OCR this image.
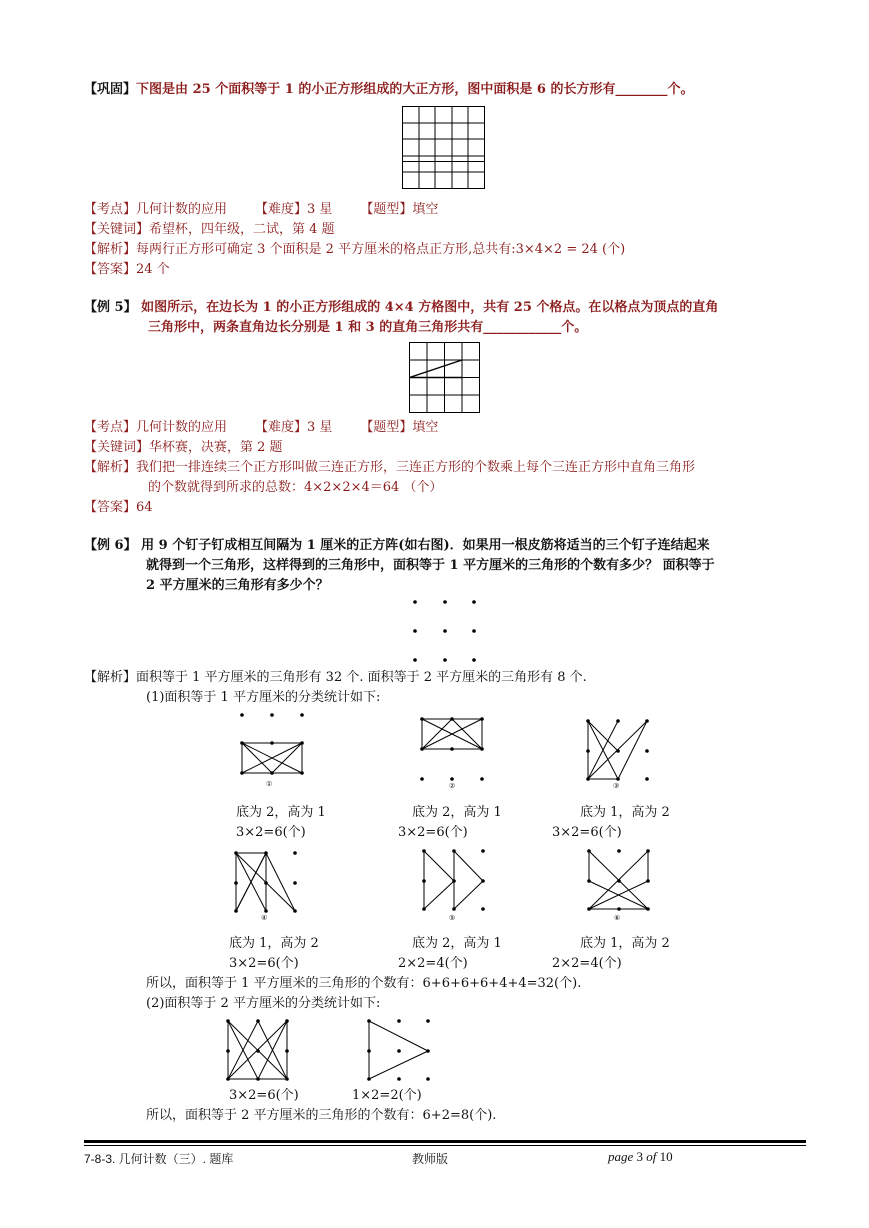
【巩固】下图是由 25 个面积等于 1 的小正方形组成的大正方形，图中面积是 6 的长方形有________个。
【考点】几何计数的应用 【难度】3 星 【题型】填空
【关键词】希望杯，四年级，二试，第 4 题
【解析】每两行正方形可确定 3 个面积是 2 平方厘米的格点正方形,总共有:3×4×2 = 24 (个)
【答案】24 个
【例 5】 如图所示，在边长为 1 的小正方形组成的 4×4 方格图中，共有 25 个格点。在以格点为顶点的直角
三角形中，两条直角边长分别是 1 和 3 的直角三角形共有____________个。
【考点】几何计数的应用 【难度】3 星 【题型】填空
【关键词】华杯赛，决赛，第 2 题
【解析】我们把一排连续三个正方形叫做三连正方形，三连正方形的个数乘上每个三连正方形中直角三角形
的个数就得到所求的总数：4×2×2×4＝64 （个）
【答案】64
【例 6】 用 9 个钉子钉成相互间隔为 1 厘米的正方阵(如右图)．如果用一根皮筋将适当的三个钉子连结起来
就得到一个三角形，这样得到的三角形中，面积等于 1 平方厘米的三角形的个数有多少？ 面积等于
2 平方厘米的三角形有多少个？
【解析】面积等于 1 平方厘米的三角形有 32 个. 面积等于 2 平方厘米的三角形有 8 个.
(1)面积等于 1 平方厘米的分类统计如下:
①	②	③
底为 2，高为 1	底为 2，高为 1	底为 1，高为 2
3×2=6(个)	3×2=6(个)	3×2=6(个)
④	⑤	⑥
底为 1，高为 2	底为 2，高为 1	底为 1，高为 2
3×2=6(个)	2×2=4(个)	2×2=4(个)
所以，面积等于 1 平方厘米的三角形的个数有：6+6+6+6+4+4=32(个).
(2)面积等于 2 平方厘米的分类统计如下:
3×2=6(个)	1×2=2(个)
所以，面积等于 2 平方厘米的三角形的个数有：6+2=8(个).
7-8-3. 几何计数（三）. 题库	教师版	page 3 of 10
